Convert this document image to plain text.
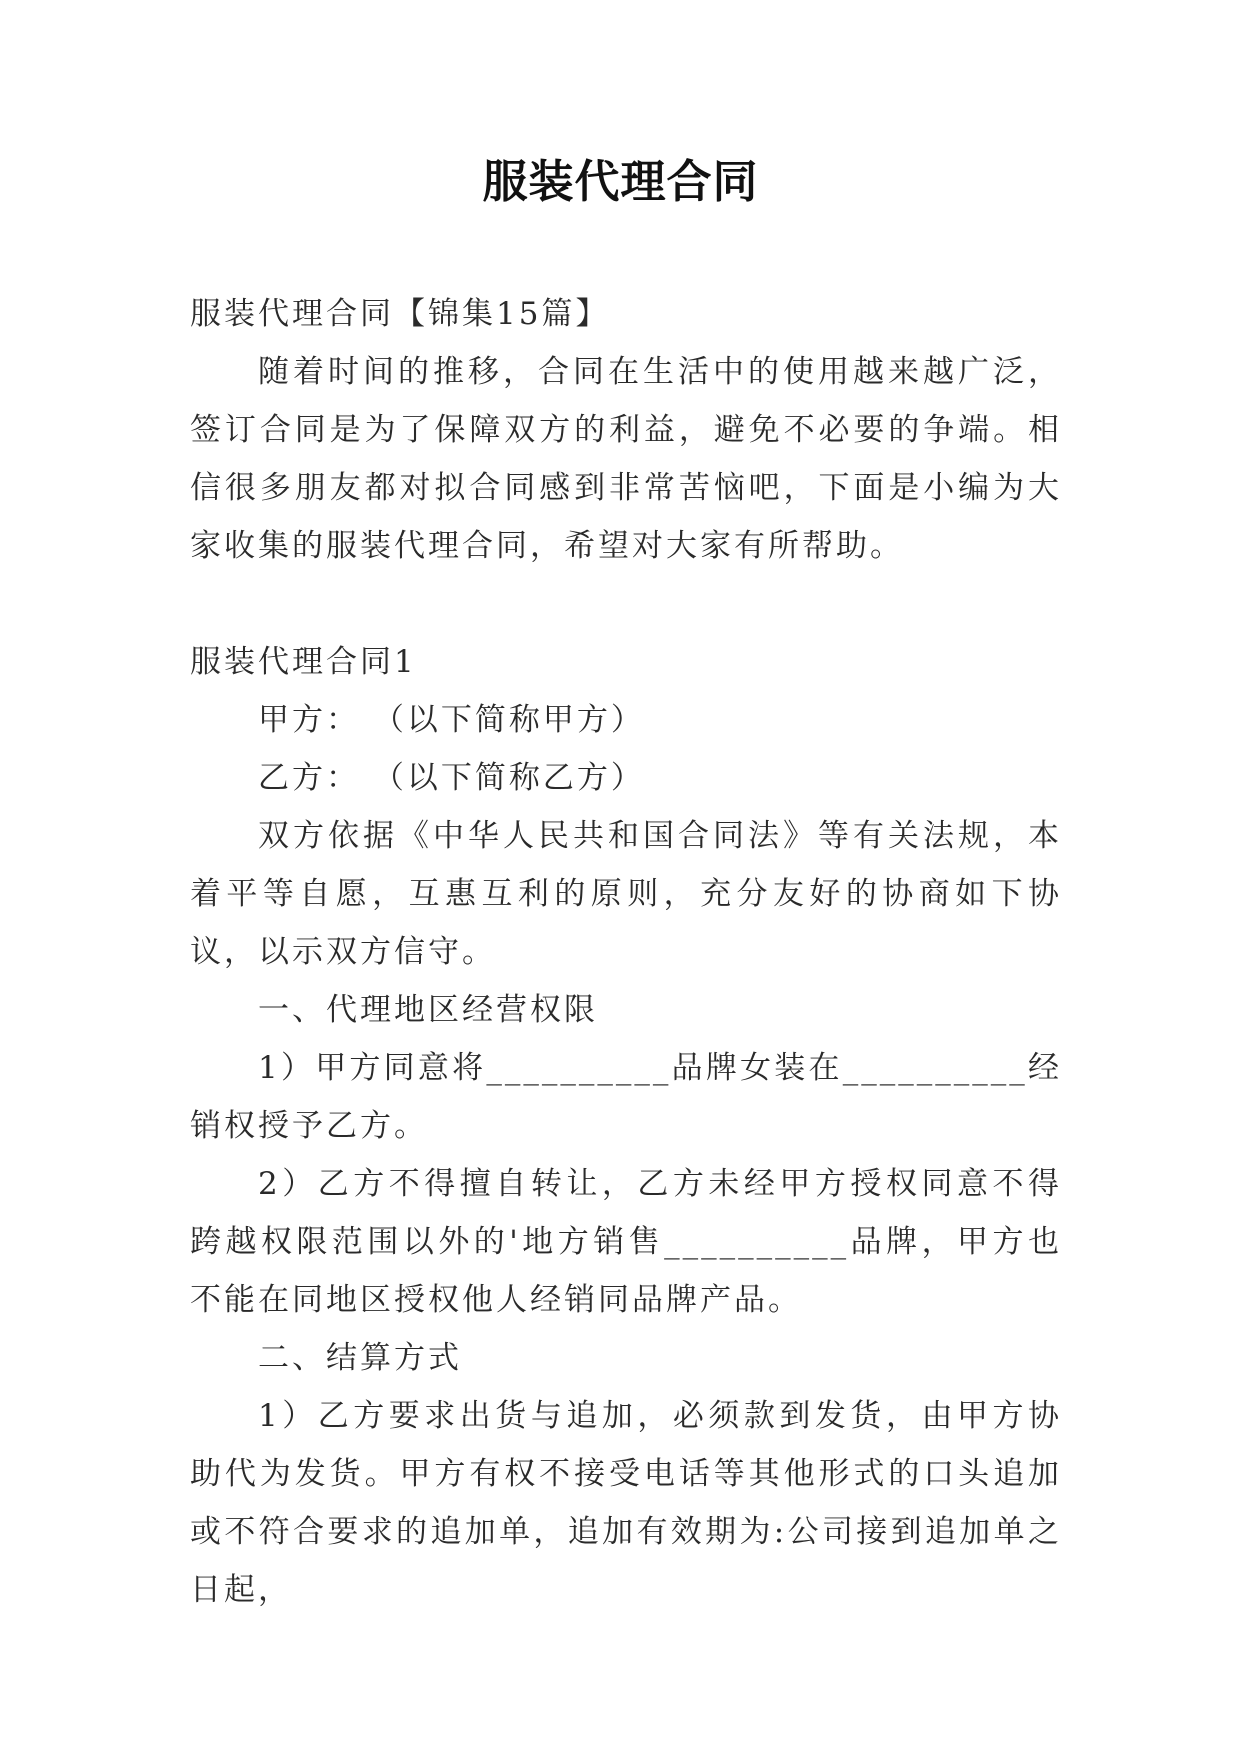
服装代理合同

服装代理合同【锦集15篇】

随着时间的推移，合同在生活中的使用越来越广泛，签订合同是为了保障双方的利益，避免不必要的争端。相信很多朋友都对拟合同感到非常苦恼吧，下面是小编为大家收集的服装代理合同，希望对大家有所帮助。

服装代理合同1

甲方： （以下简称甲方）

乙方： （以下简称乙方）

双方依据《中华人民共和国合同法》等有关法规，本着平等自愿，互惠互利的原则，充分友好的协商如下协议，以示双方信守。

一、代理地区经营权限

1）甲方同意将__________品牌女装在__________经销权授予乙方。

2）乙方不得擅自转让，乙方未经甲方授权同意不得跨越权限范围以外的'地方销售__________品牌，甲方也不能在同地区授权他人经销同品牌产品。

二、结算方式

1）乙方要求出货与追加，必须款到发货，由甲方协助代为发货。甲方有权不接受电话等其他形式的口头追加或不符合要求的追加单，追加有效期为:公司接到追加单之日起，
